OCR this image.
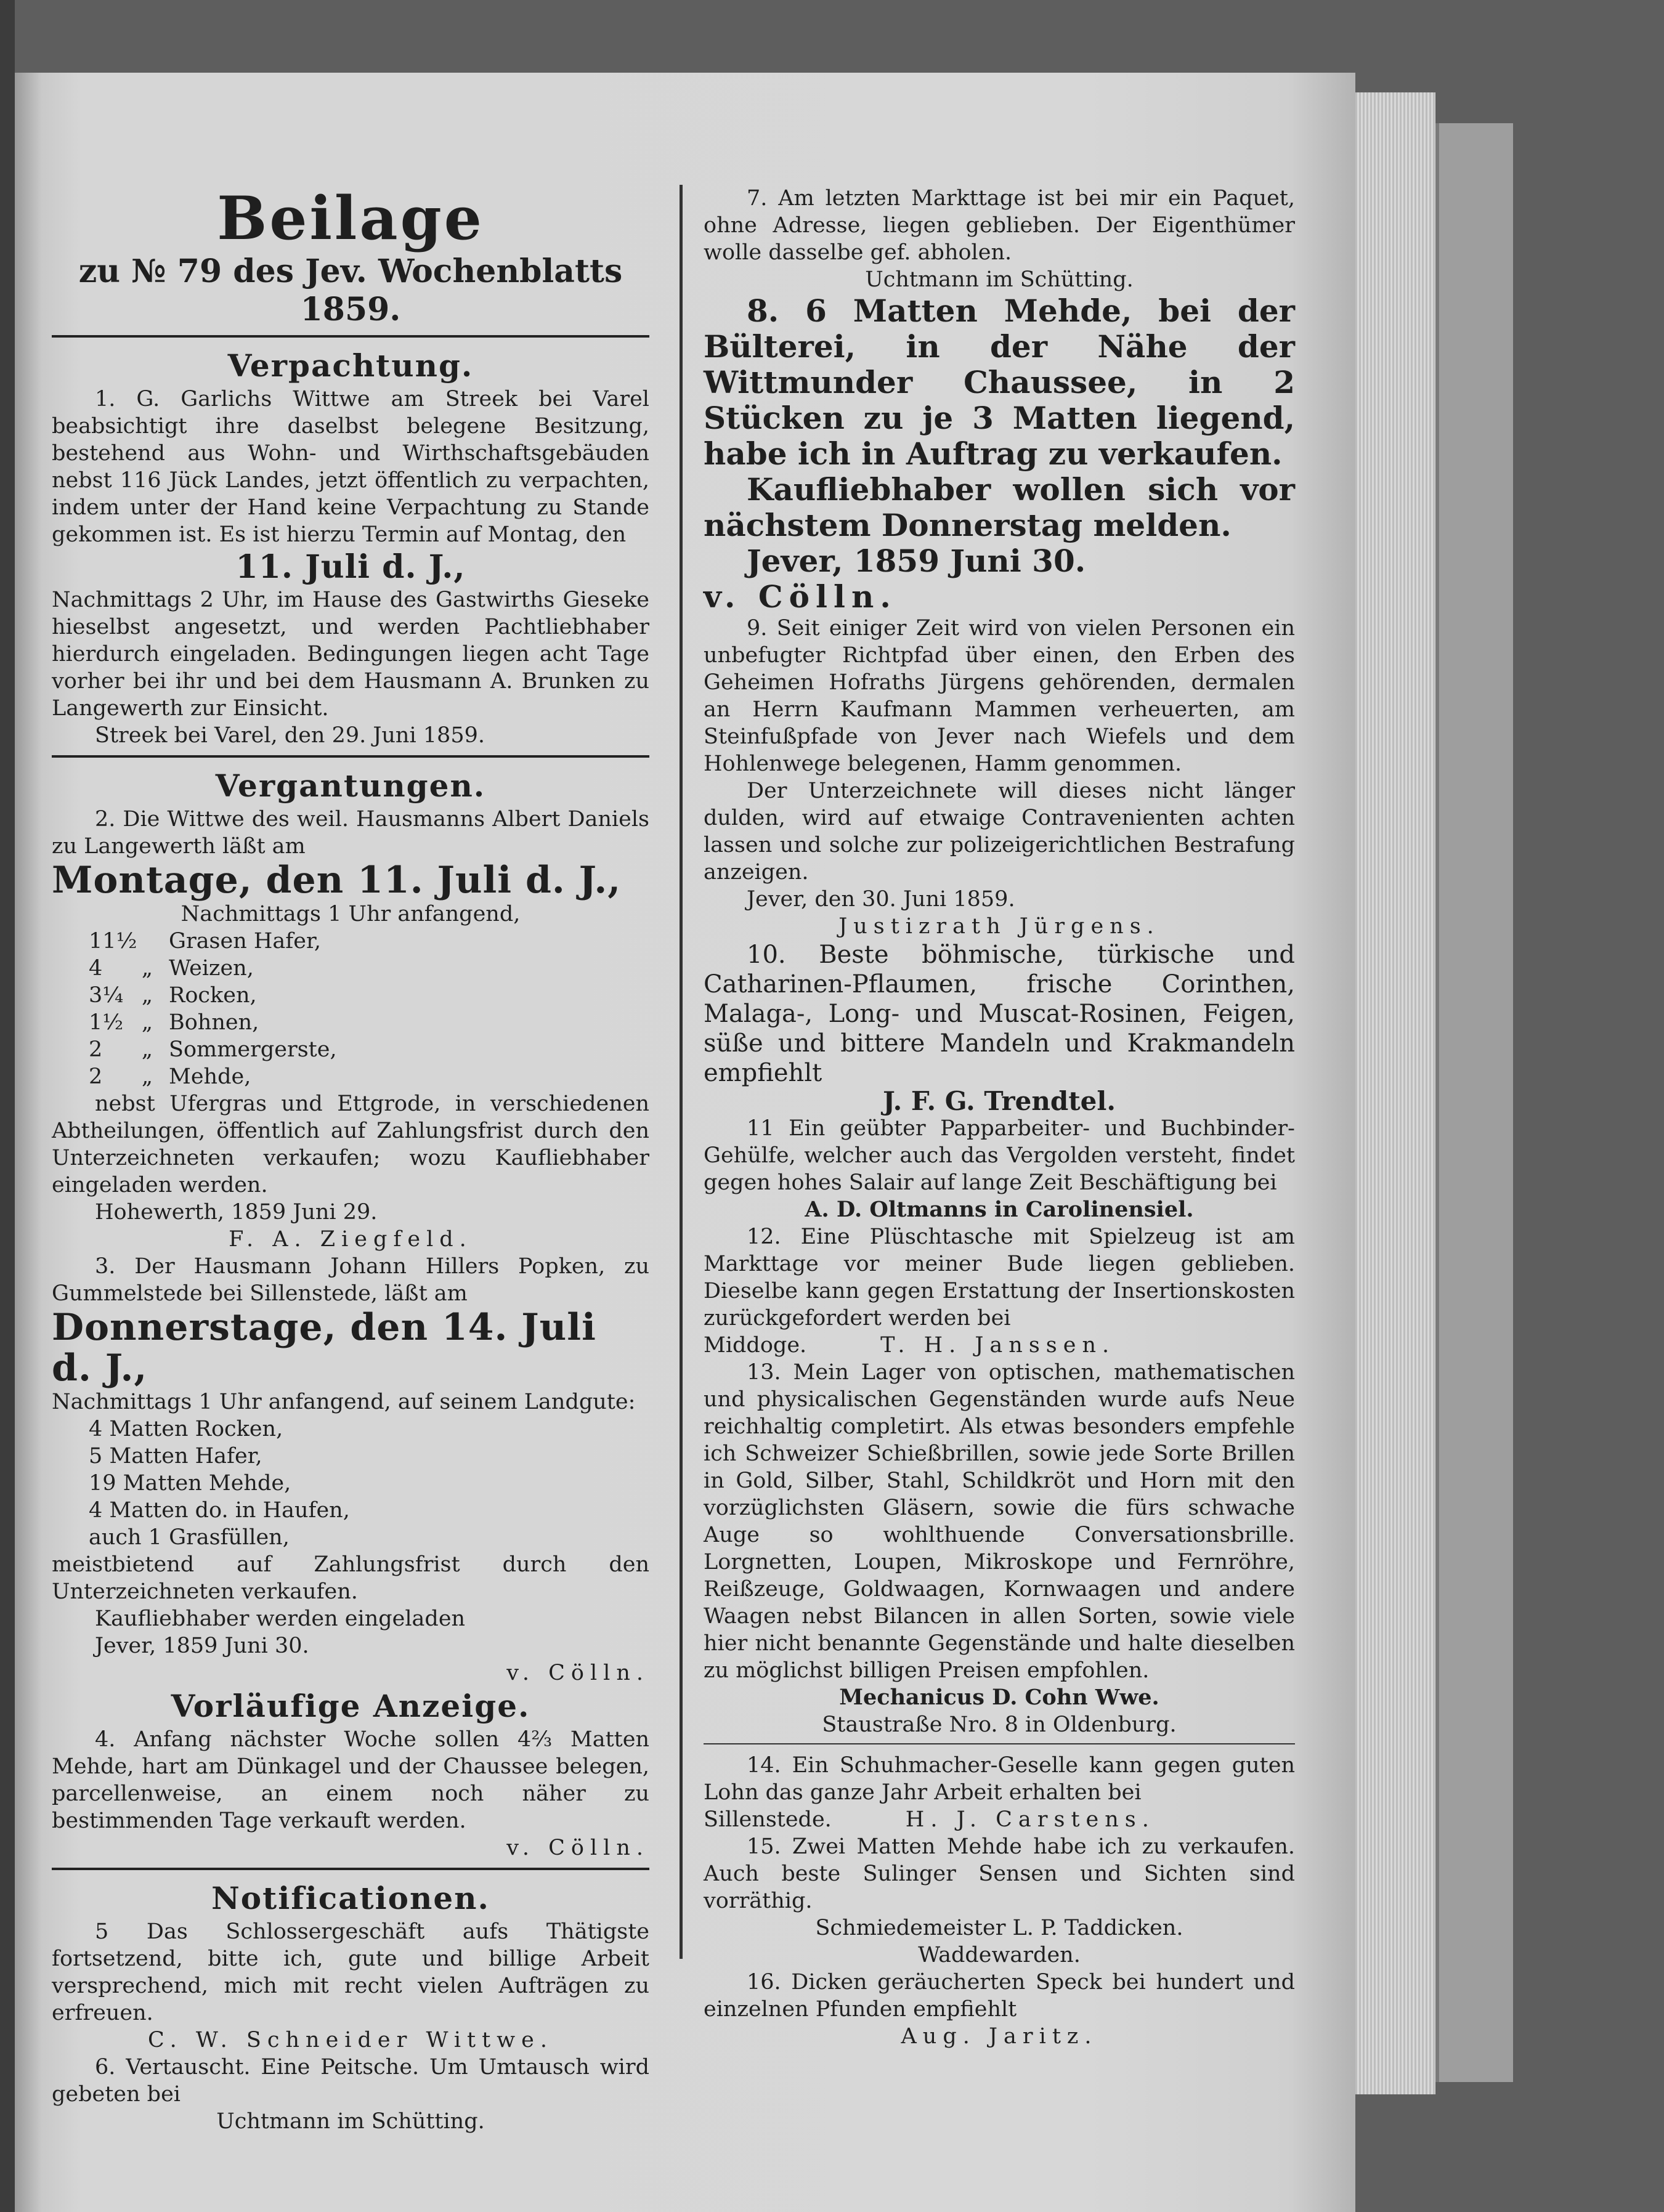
Beilage

zu № 79 des Jev. Wochenblatts 1859.

Verpachtung.

1. G. Garlichs Wittwe am Streek bei Varel beabsichtigt ihre daselbst belegene Besitzung, bestehend aus Wohn- und Wirthschaftsgebäuden nebst 116 Jück Landes, jetzt öffentlich zu verpachten, indem unter der Hand keine Verpachtung zu Stande gekommen ist. Es ist hierzu Termin auf Montag, den

11. Juli d. J.,

Nachmittags 2 Uhr, im Hause des Gastwirths Gieseke hieselbst angesetzt, und werden Pachtliebhaber hierdurch eingeladen. Bedingungen liegen acht Tage vorher bei ihr und bei dem Hausmann A. Brunken zu Langewerth zur Einsicht.

Streek bei Varel, den 29. Juni 1859.

Vergantungen.

2. Die Wittwe des weil. Hausmanns Albert Daniels zu Langewerth läßt am

Montage, den 11. Juli d. J.,

Nachmittags 1 Uhr anfangend,

11½ Grasen Hafer,

4 „ Weizen,

3¼ „ Rocken,

1½ „ Bohnen,

2 „ Sommergerste,

2 „ Mehde,

nebst Ufergras und Ettgrode, in verschiedenen Abtheilungen, öffentlich auf Zahlungsfrist durch den Unterzeichneten verkaufen; wozu Kaufliebhaber eingeladen werden.

Hohewerth, 1859 Juni 29.

F. A. Ziegfeld.

3. Der Hausmann Johann Hillers Popken, zu Gummelstede bei Sillenstede, läßt am

Donnerstage, den 14. Juli d. J.,

Nachmittags 1 Uhr anfangend, auf seinem Landgute:

4 Matten Rocken,

5 Matten Hafer,

19 Matten Mehde,

4 Matten do. in Haufen,

auch 1 Grasfüllen,

meistbietend auf Zahlungsfrist durch den Unterzeichneten verkaufen.

Kaufliebhaber werden eingeladen

Jever, 1859 Juni 30.

v. Cölln.

Vorläufige Anzeige.

4. Anfang nächster Woche sollen 4⅔ Matten Mehde, hart am Dünkagel und der Chaussee belegen, parcellenweise, an einem noch näher zu bestimmenden Tage verkauft werden.

v. Cölln.

Notificationen.

5 Das Schlossergeschäft aufs Thätigste fortsetzend, bitte ich, gute und billige Arbeit versprechend, mich mit recht vielen Aufträgen zu erfreuen.

C. W. Schneider Wittwe.

6. Vertauscht. Eine Peitsche. Um Umtausch wird gebeten bei

Uchtmann im Schütting.

7. Am letzten Markttage ist bei mir ein Paquet, ohne Adresse, liegen geblieben. Der Eigenthümer wolle dasselbe gef. abholen.

Uchtmann im Schütting.

8. 6 Matten Mehde, bei der Bülterei, in der Nähe der Wittmunder Chaussee, in 2 Stücken zu je 3 Matten liegend, habe ich in Auftrag zu verkaufen.

Kaufliebhaber wollen sich vor nächstem Donnerstag melden.

Jever, 1859 Juni 30.

v. Cölln.

9. Seit einiger Zeit wird von vielen Personen ein unbefugter Richtpfad über einen, den Erben des Geheimen Hofraths Jürgens gehörenden, dermalen an Herrn Kaufmann Mammen verheuerten, am Steinfußpfade von Jever nach Wiefels und dem Hohlenwege belegenen, Hamm genommen.

Der Unterzeichnete will dieses nicht länger dulden, wird auf etwaige Contravenienten achten lassen und solche zur polizeigerichtlichen Bestrafung anzeigen.

Jever, den 30. Juni 1859.

Justizrath Jürgens.

10. Beste böhmische, türkische und Catharinen-Pflaumen, frische Corinthen, Malaga-, Long- und Muscat-Rosinen, Feigen, süße und bittere Mandeln und Krakmandeln empfiehlt

J. F. G. Trendtel.

11 Ein geübter Papparbeiter- und Buchbinder-Gehülfe, welcher auch das Vergolden versteht, findet gegen hohes Salair auf lange Zeit Beschäftigung bei

A. D. Oltmanns in Carolinensiel.

12. Eine Plüschtasche mit Spielzeug ist am Markttage vor meiner Bude liegen geblieben. Dieselbe kann gegen Erstattung der Insertionskosten zurückgefordert werden bei

Middoge.	T. H. Janssen.

13. Mein Lager von optischen, mathematischen und physicalischen Gegenständen wurde aufs Neue reichhaltig completirt. Als etwas besonders empfehle ich Schweizer Schießbrillen, sowie jede Sorte Brillen in Gold, Silber, Stahl, Schildkröt und Horn mit den vorzüglichsten Gläsern, sowie die fürs schwache Auge so wohlthuende Conversationsbrille. Lorgnetten, Loupen, Mikroskope und Fernröhre, Reißzeuge, Goldwaagen, Kornwaagen und andere Waagen nebst Bilancen in allen Sorten, sowie viele hier nicht benannte Gegenstände und halte dieselben zu möglichst billigen Preisen empfohlen.

Mechanicus D. Cohn Wwe.

Staustraße Nro. 8 in Oldenburg.

14. Ein Schuhmacher-Geselle kann gegen guten Lohn das ganze Jahr Arbeit erhalten bei

Sillenstede.	H. J. Carstens.

15. Zwei Matten Mehde habe ich zu verkaufen. Auch beste Sulinger Sensen und Sichten sind vorräthig.

Schmiedemeister L. P. Taddicken.

Waddewarden.

16. Dicken geräucherten Speck bei hundert und einzelnen Pfunden empfiehlt

Aug. Jaritz.
